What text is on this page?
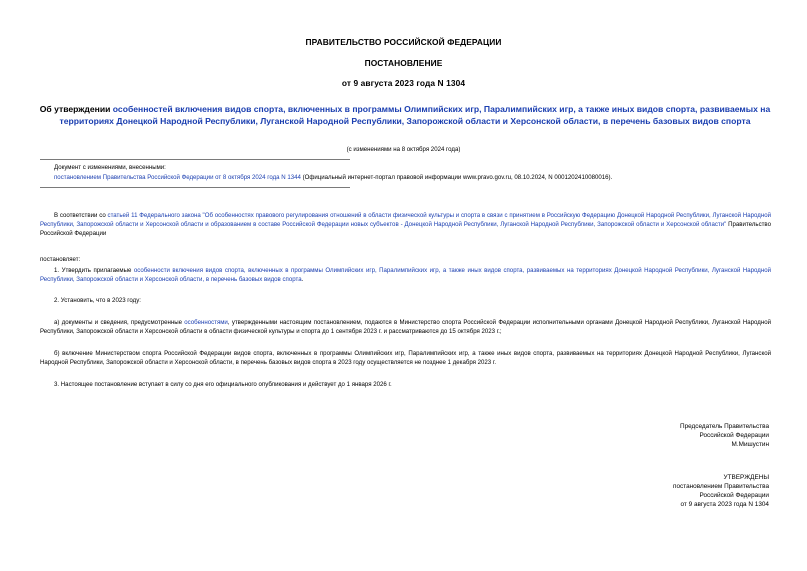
ПРАВИТЕЛЬСТВО РОССИЙСКОЙ ФЕДЕРАЦИИ
ПОСТАНОВЛЕНИЕ
от 9 августа 2023 года N 1304
Об утверждении особенностей включения видов спорта, включенных в программы Олимпийских игр, Паралимпийских игр, а также иных видов спорта, развиваемых на территориях Донецкой Народной Республики, Луганской Народной Республики, Запорожской области и Херсонской области, в перечень базовых видов спорта
(с изменениями на 8 октября 2024 года)
Документ с изменениями, внесенными:
постановлением Правительства Российской Федерации от 8 октября 2024 года N 1344 (Официальный интернет-портал правовой информации www.pravo.gov.ru, 08.10.2024, N 0001202410080016).
В соответствии со статьей 11 Федерального закона "Об особенностях правового регулирования отношений в области физической культуры и спорта в связи с принятием в Российскую Федерацию Донецкой Народной Республики, Луганской Народной Республики, Запорожской области и Херсонской области и образованием в составе Российской Федерации новых субъектов - Донецкой Народной Республики, Луганской Народной Республики, Запорожской области и Херсонской области" Правительство Российской Федерации
постановляет:
1. Утвердить прилагаемые особенности включения видов спорта, включенных в программы Олимпийских игр, Паралимпийских игр, а также иных видов спорта, развиваемых на территориях Донецкой Народной Республики, Луганской Народной Республики, Запорожской области и Херсонской области, в перечень базовых видов спорта.
2. Установить, что в 2023 году:
а) документы и сведения, предусмотренные особенностями, утвержденными настоящим постановлением, подаются в Министерство спорта Российской Федерации исполнительными органами Донецкой Народной Республики, Луганской Народной Республики, Запорожской области и Херсонской области в области физической культуры и спорта до 1 сентября 2023 г. и рассматриваются до 15 октября 2023 г.;
б) включение Министерством спорта Российской Федерации видов спорта, включенных в программы Олимпийских игр, Паралимпийских игр, а также иных видов спорта, развиваемых на территориях Донецкой Народной Республики, Луганской Народной Республики, Запорожской области и Херсонской области, в перечень базовых видов спорта в 2023 году осуществляется не позднее 1 декабря 2023 г.
3. Настоящее постановление вступает в силу со дня его официального опубликования и действует до 1 января 2026 г.
Председатель Правительства
Российской Федерации
М.Мишустин
УТВЕРЖДЕНЫ
постановлением Правительства
Российской Федерации
от 9 августа 2023 года N 1304
